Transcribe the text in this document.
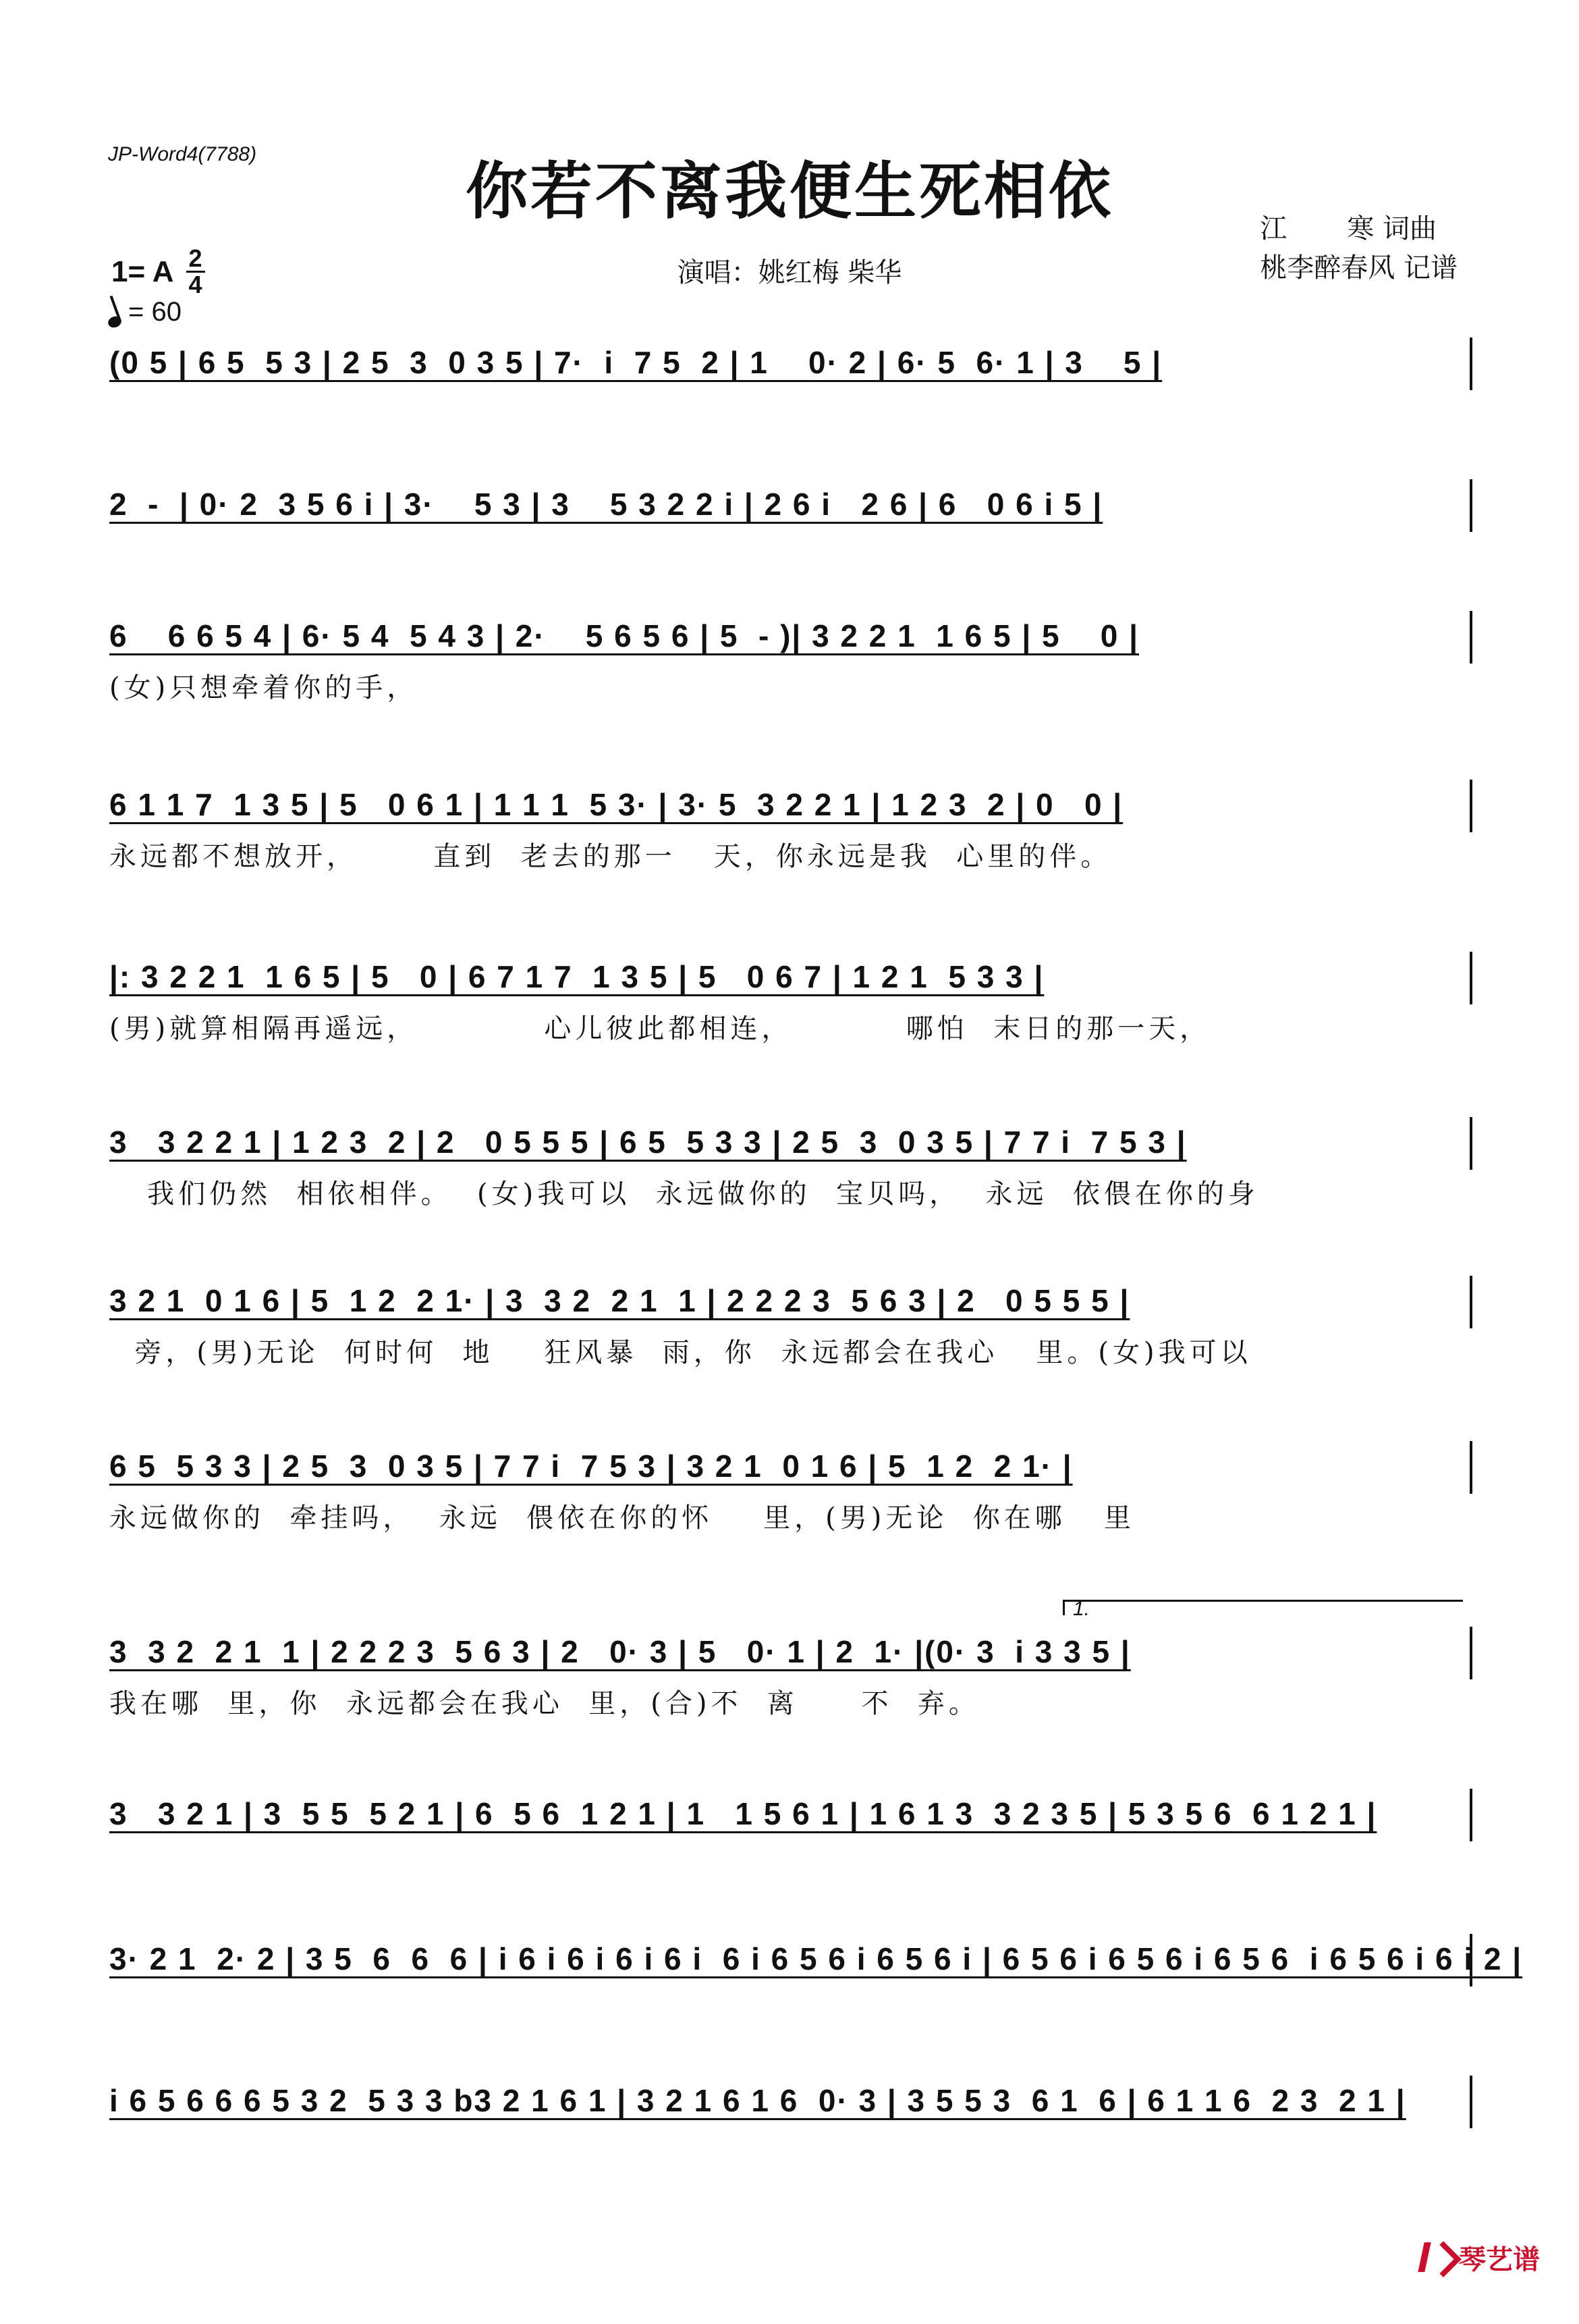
JP-Word4(7788)
你若不离我便生死相依
江       寒 词曲
桃李醉春风 记谱
演唱：姚红梅 柴华
1= A $\frac{2}{4}$
= 60
(0 5 | 6 5  5 3 | 2 5  3  0 3 5 | 7·  i  7 5  2 | 1    0· 2 | 6· 5  6· 1 | 3    5 |
2  -  | 0· 2  3 5 6 i | 3·    5 3 | 3    5 3 2 2 i | 2 6 i   2 6 | 6   0 6 i 5 |
6    6 6 5 4 | 6· 5 4  5 4 3 | 2·    5 6 5 6 | 5  - )| 3 2 2 1  1 6 5 | 5    0 |
(女)只想牵着你的手，
6 1 1 7  1 3 5 | 5   0 6 1 | 1 1 1  5 3· | 3· 5  3 2 2 1 | 1 2 3  2 | 0   0 |
永远都不想放开，      直到  老去的那一   天，你永远是我  心里的伴。
|: 3 2 2 1  1 6 5 | 5   0 | 6 7 1 7  1 3 5 | 5   0 6 7 | 1 2 1  5 3 3 |
(男)就算相隔再遥远，          心儿彼此都相连，         哪怕  末日的那一天，
3   3 2 2 1 | 1 2 3  2 | 2   0 5 5 5 | 6 5  5 3 3 | 2 5  3  0 3 5 | 7 7 i  7 5 3 |
我们仍然  相依相伴。  (女)我可以  永远做你的  宝贝吗，  永远  依偎在你的身
3 2 1  0 1 6 | 5  1 2  2 1· | 3  3 2  2 1  1 | 2 2 2 3  5 6 3 | 2   0 5 5 5 |
旁，(男)无论  何时何  地    狂风暴  雨，你  永远都会在我心   里。(女)我可以
6 5  5 3 3 | 2 5  3  0 3 5 | 7 7 i  7 5 3 | 3 2 1  0 1 6 | 5  1 2  2 1· |
永远做你的  牵挂吗，  永远  偎依在你的怀    里，(男)无论  你在哪   里
3  3 2  2 1  1 | 2 2 2 3  5 6 3 | 2   0· 3 | 5   0· 1 | 2  1· |(0· 3  i 3 3 5 |
我在哪  里，你  永远都会在我心  里，(合)不  离     不  弃。
3   3 2 1 | 3  5 5  5 2 1 | 6  5 6  1 2 1 | 1   1 5 6 1 | 1 6 1 3  3 2 3 5 | 5 3 5 6  6 1 2 1 |
3· 2 1  2· 2 | 3 5  6  6  6 | i 6 i 6 i 6 i 6 i  6 i 6 5 6 i 6 5 6 i | 6 5 6 i 6 5 6 i 6 5 6  i 6 5 6 i 6 i 2 |
i 6 5 6 6 6 5 3 2  5 3 3 b3 2 1 6 1 | 3 2 1 6 1 6  0· 3 | 3 5 5 3  6 1  6 | 6 1 1 6  2 3  2 1 |
1.
琴艺谱
